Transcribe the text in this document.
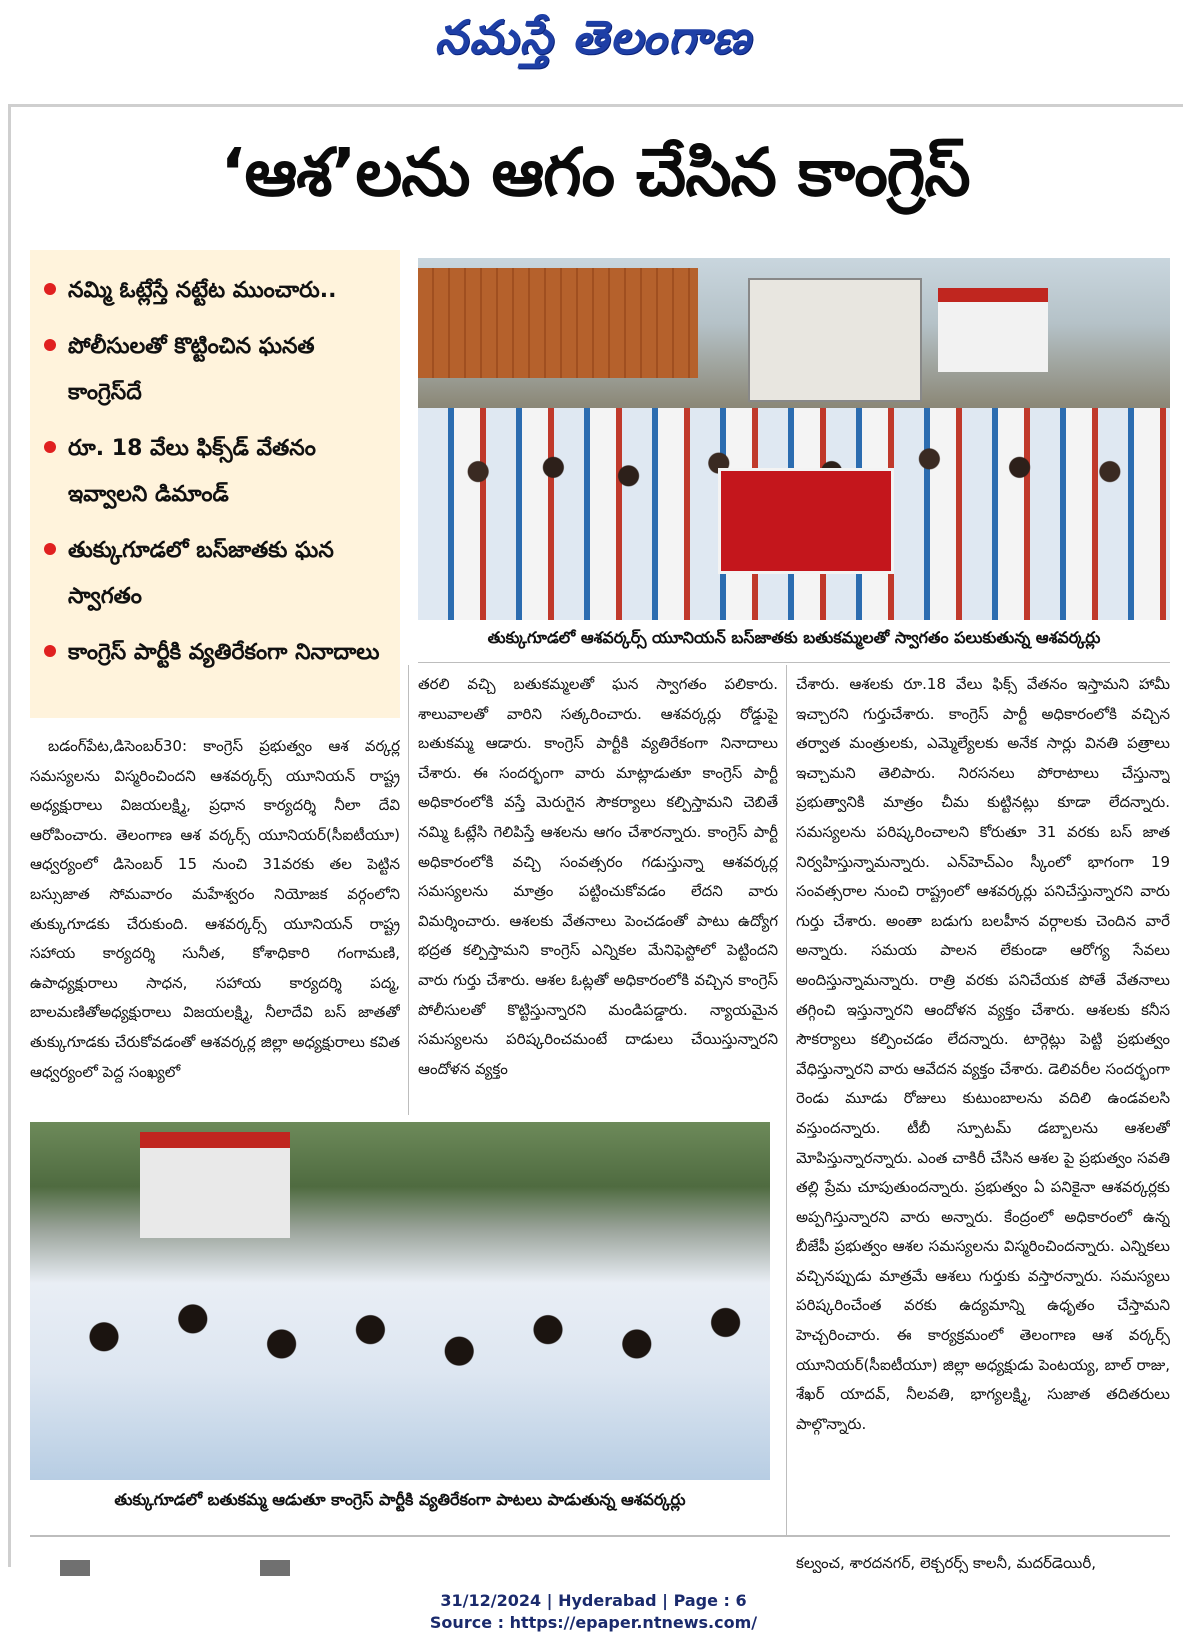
నమస్తే తెలంగాణ
‘ఆశ’లను ఆగం చేసిన కాంగ్రెస్
నమ్మి ఓట్లేస్తే నట్టేట ముంచారు..
పోలీసులతో కొట్టించిన ఘనత కాంగ్రెస్‌దే
రూ. 18 వేలు ఫిక్స్‌డ్ వేతనం ఇవ్వాలని డిమాండ్
తుక్కుగూడలో బస్‌జాతకు ఘన స్వాగతం
కాంగ్రెస్ పార్టీకి వ్యతిరేకంగా నినాదాలు
తుక్కుగూడలో ఆశవర్కర్స్ యూనియన్ బస్‌జాతకు బతుకమ్మలతో స్వాగతం పలుకుతున్న ఆశవర్కర్లు
బడంగ్‌పేట,డిసెంబర్30: కాంగ్రెస్ ప్రభుత్వం ఆశ వర్కర్ల సమస్యలను విస్మరించిందని ఆశవర్కర్స్ యూనియన్ రాష్ట్ర అధ్యక్షురాలు విజయలక్ష్మి, ప్రధాన కార్యదర్శి నీలా దేవి ఆరోపించారు. తెలంగాణ ఆశ వర్కర్స్ యూనియర్(సీఐటీయూ) ఆధ్వర్యంలో డిసెంబర్ 15 నుంచి 31వరకు తల పెట్టిన బస్సుజాత సోమవారం మహేశ్వరం నియోజక వర్గంలోని తుక్కుగూడకు చేరుకుంది. ఆశవర్కర్స్ యూనియన్ రాష్ట్ర సహాయ కార్యదర్శి సునీత, కోశాధికారి గంగామణి, ఉపాధ్యక్షురాలు సాధన, సహాయ కార్యదర్శి పద్మ, బాలమణితోఅధ్యక్షురాలు విజయలక్ష్మి, నీలాదేవి బస్ జాతతో తుక్కుగూడకు చేరుకోవడంతో ఆశవర్కర్ల జిల్లా అధ్యక్షురాలు కవిత ఆధ్వర్యంలో పెద్ద సంఖ్యలో
తరలి వచ్చి బతుకమ్మలతో ఘన స్వాగతం పలికారు. శాలువాలతో వారిని సత్కరించారు. ఆశవర్కర్లు రోడ్డుపై బతుకమ్మ ఆడారు. కాంగ్రెస్ పార్టీకి వ్యతిరేకంగా నినాదాలు చేశారు. ఈ సందర్భంగా వారు మాట్లాడుతూ కాంగ్రెస్ పార్టీ అధికారంలోకి వస్తే మెరుగైన సౌకర్యాలు కల్పిస్తామని చెబితే నమ్మి ఓట్లేసి గెలిపిస్తే ఆశలను ఆగం చేశారన్నారు. కాంగ్రెస్ పార్టీ అధికారంలోకి వచ్చి సంవత్సరం గడుస్తున్నా ఆశవర్కర్ల సమస్యలను మాత్రం పట్టించుకోవడం లేదని వారు విమర్శించారు. ఆశలకు వేతనాలు పెంచడంతో పాటు ఉద్యోగ భద్రత కల్పిస్తామని కాంగ్రెస్ ఎన్నికల మేనిఫెస్టోలో పెట్టిందని వారు గుర్తు చేశారు. ఆశల ఓట్లతో అధికారంలోకి వచ్చిన కాంగ్రెస్ పోలీసులతో కొట్టిస్తున్నారని మండిపడ్డారు. న్యాయమైన సమస్యలను పరిష్కరించమంటే దాడులు చేయిస్తున్నారని ఆందోళన వ్యక్తం
చేశారు. ఆశలకు రూ.18 వేలు ఫిక్స్ వేతనం ఇస్తామని హామీ ఇచ్చారని గుర్తుచేశారు. కాంగ్రెస్ పార్టీ అధికారంలోకి వచ్చిన తర్వాత మంత్రులకు, ఎమ్మెల్యేలకు అనేక సార్లు వినతి పత్రాలు ఇచ్చామని తెలిపారు. నిరసనలు పోరాటాలు చేస్తున్నా ప్రభుత్వానికి మాత్రం చీమ కుట్టినట్లు కూడా లేదన్నారు. సమస్యలను పరిష్కరించాలని కోరుతూ 31 వరకు బస్ జాత నిర్వహిస్తున్నామన్నారు. ఎన్‌హెచ్‌ఎం స్కీంలో భాగంగా 19 సంవత్సరాల నుంచి రాష్ట్రంలో ఆశవర్కర్లు పనిచేస్తున్నారని వారు గుర్తు చేశారు. అంతా బడుగు బలహీన వర్గాలకు చెందిన వారే అన్నారు. సమయ పాలన లేకుండా ఆరోగ్య సేవలు అందిస్తున్నామన్నారు. రాత్రి వరకు పనిచేయక పోతే వేతనాలు తగ్గించి ఇస్తున్నారని ఆందోళన వ్యక్తం చేశారు. ఆశలకు కనీస సౌకర్యాలు కల్పించడం లేదన్నారు. టార్గెట్లు పెట్టి ప్రభుత్వం వేధిస్తున్నారని వారు ఆవేదన వ్యక్తం చేశారు. డెలివరీల సందర్భంగా రెండు మూడు రోజులు కుటుంబాలను వదిలి ఉండవలసి వస్తుందన్నారు. టీబీ స్పూటమ్ డబ్బాలను ఆశలతో మోపిస్తున్నారన్నారు. ఎంత చాకిరీ చేసిన ఆశల పై ప్రభుత్వం సవతి తల్లి ప్రేమ చూపుతుందన్నారు. ప్రభుత్వం ఏ పనికైనా ఆశవర్కర్లకు అప్పగిస్తున్నారని వారు అన్నారు. కేంద్రంలో అధికారంలో ఉన్న బీజేపీ ప్రభుత్వం ఆశల సమస్యలను విస్మరించిందన్నారు. ఎన్నికలు వచ్చినప్పుడు మాత్రమే ఆశలు గుర్తుకు వస్తారన్నారు. సమస్యలు పరిష్కరించేంత వరకు ఉద్యమాన్ని ఉధృతం చేస్తామని హెచ్చరించారు. ఈ కార్యక్రమంలో తెలంగాణ ఆశ వర్కర్స్ యూనియర్(సీఐటీయూ) జిల్లా అధ్యక్షుడు పెంటయ్య, బాల్ రాజు, శేఖర్ యాదవ్, నీలవతి, భాగ్యలక్ష్మి, సుజాత తదితరులు పాల్గొన్నారు.
తుక్కుగూడలో బతుకమ్మ ఆడుతూ కాంగ్రెస్ పార్టీకి వ్యతిరేకంగా పాటలు పాడుతున్న ఆశవర్కర్లు
కల్వంచ, శారదనగర్, లెక్చరర్స్ కాలనీ, మదర్‌డెయిరీ,
31/12/2024 | Hyderabad | Page : 6
Source : https://epaper.ntnews.com/
